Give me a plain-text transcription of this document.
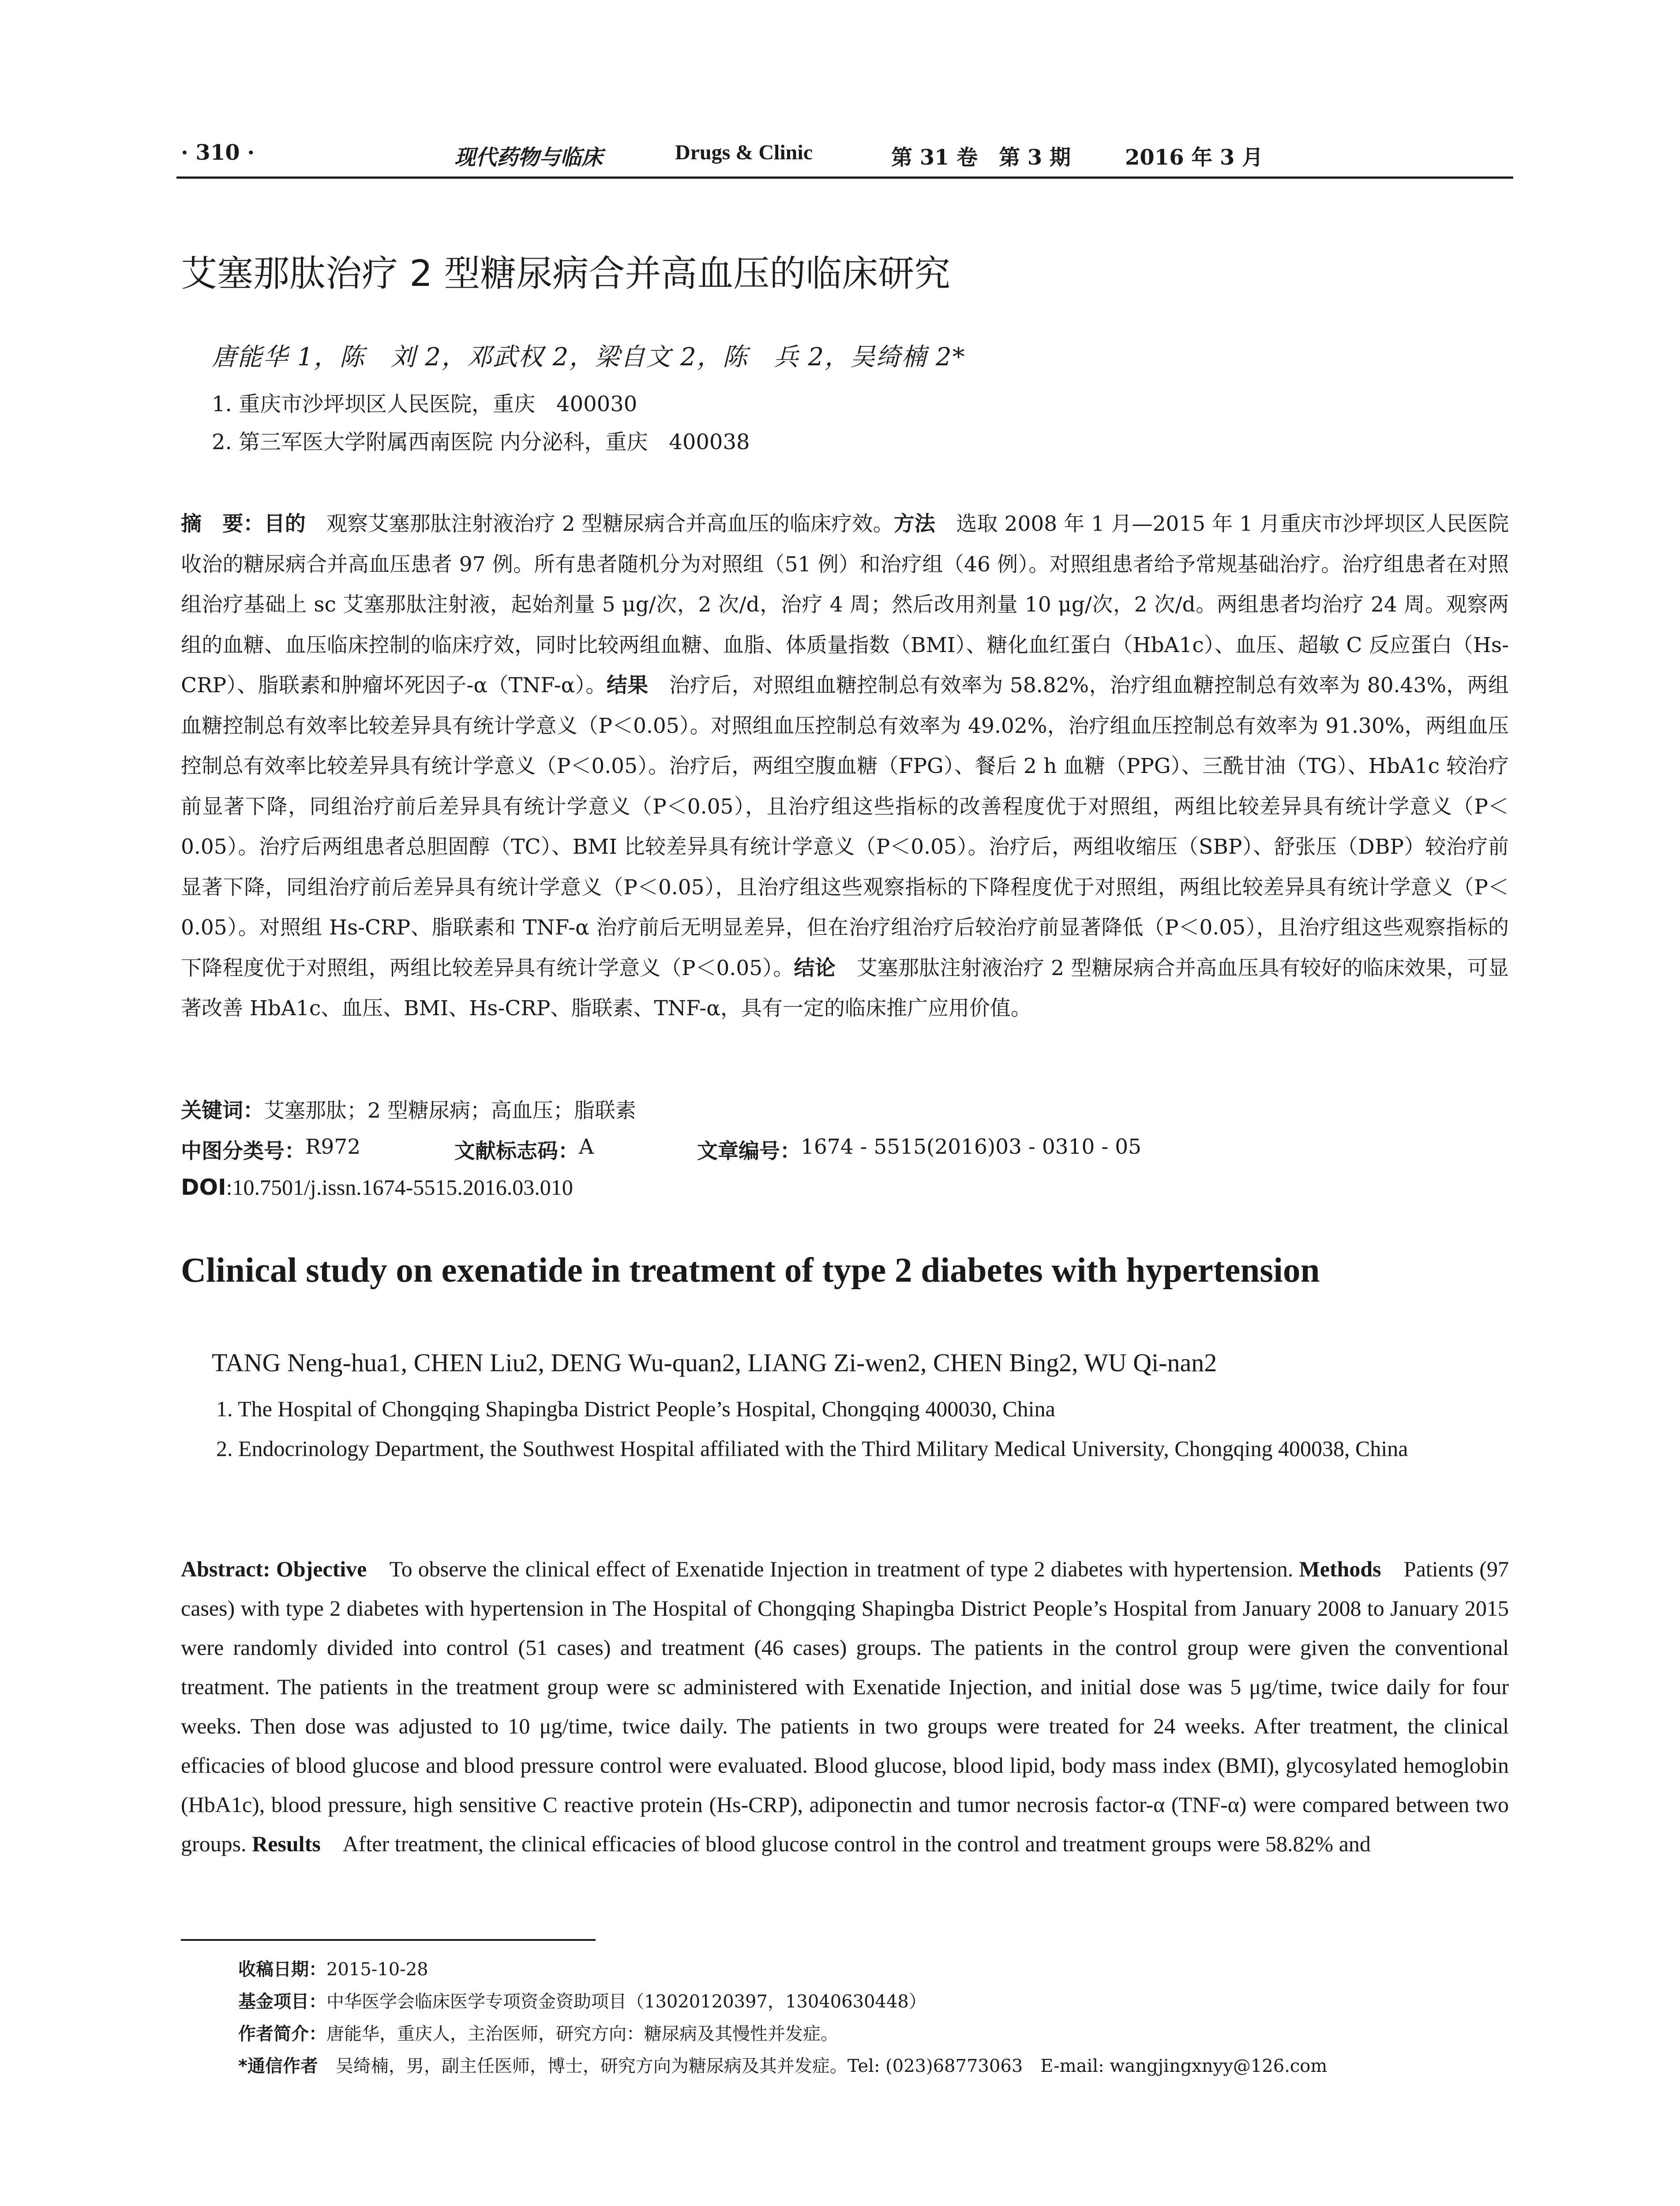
· 310 ·	现代药物与临床	Drugs & Clinic	第 31 卷　第 3 期	2016 年 3 月
艾塞那肽治疗 2 型糖尿病合并高血压的临床研究
唐能华 1，陈　刘 2，邓武权 2，梁自文 2，陈　兵 2，吴绮楠 2*
1. 重庆市沙坪坝区人民医院，重庆　400030
2. 第三军医大学附属西南医院 内分泌科，重庆　400038

摘　要：目的　观察艾塞那肽注射液治疗 2 型糖尿病合并高血压的临床疗效。方法　选取 2008 年 1 月—2015 年 1 月重庆市沙坪坝区人民医院收治的糖尿病合并高血压患者 97 例。所有患者随机分为对照组（51 例）和治疗组（46 例）。对照组患者给予常规基础治疗。治疗组患者在对照组治疗基础上 sc 艾塞那肽注射液，起始剂量 5 μg/次，2 次/d，治疗 4 周；然后改用剂量 10 μg/次，2 次/d。两组患者均治疗 24 周。观察两组的血糖、血压临床控制的临床疗效，同时比较两组血糖、血脂、体质量指数（BMI）、糖化血红蛋白（HbA1c）、血压、超敏 C 反应蛋白（Hs-CRP）、脂联素和肿瘤坏死因子-α（TNF-α）。结果　治疗后，对照组血糖控制总有效率为 58.82%，治疗组血糖控制总有效率为 80.43%，两组血糖控制总有效率比较差异具有统计学意义（P＜0.05）。对照组血压控制总有效率为 49.02%，治疗组血压控制总有效率为 91.30%，两组血压控制总有效率比较差异具有统计学意义（P＜0.05）。治疗后，两组空腹血糖（FPG）、餐后 2 h 血糖（PPG）、三酰甘油（TG）、HbA1c 较治疗前显著下降，同组治疗前后差异具有统计学意义（P＜0.05），且治疗组这些指标的改善程度优于对照组，两组比较差异具有统计学意义（P＜0.05）。治疗后两组患者总胆固醇（TC）、BMI 比较差异具有统计学意义（P＜0.05）。治疗后，两组收缩压（SBP）、舒张压（DBP）较治疗前显著下降，同组治疗前后差异具有统计学意义（P＜0.05），且治疗组这些观察指标的下降程度优于对照组，两组比较差异具有统计学意义（P＜0.05）。对照组 Hs-CRP、脂联素和 TNF-α 治疗前后无明显差异，但在治疗组治疗后较治疗前显著降低（P＜0.05），且治疗组这些观察指标的下降程度优于对照组，两组比较差异具有统计学意义（P＜0.05）。结论　艾塞那肽注射液治疗 2 型糖尿病合并高血压具有较好的临床效果，可显著改善 HbA1c、血压、BMI、Hs-CRP、脂联素、TNF-α，具有一定的临床推广应用价值。

关键词：艾塞那肽；2 型糖尿病；高血压；脂联素
中图分类号： R972	文献标志码： A	文章编号： 1674 - 5515(2016)03 - 0310 - 05
DOI:10.7501/j.issn.1674-5515.2016.03.010
Clinical study on exenatide in treatment of type 2 diabetes with hypertension
TANG Neng-hua1, CHEN Liu2, DENG Wu-quan2, LIANG Zi-wen2, CHEN Bing2, WU Qi-nan2
1. The Hospital of Chongqing Shapingba District People’s Hospital, Chongqing 400030, China
2. Endocrinology Department, the Southwest Hospital affiliated with the Third Military Medical University, Chongqing 400038, China

Abstract: Objective　To observe the clinical effect of Exenatide Injection in treatment of type 2 diabetes with hypertension. Methods　Patients (97 cases) with type 2 diabetes with hypertension in The Hospital of Chongqing Shapingba District People’s Hospital from January 2008 to January 2015 were randomly divided into control (51 cases) and treatment (46 cases) groups. The patients in the control group were given the conventional treatment. The patients in the treatment group were sc administered with Exenatide Injection, and initial dose was 5 μg/time, twice daily for four weeks. Then dose was adjusted to 10 μg/time, twice daily. The patients in two groups were treated for 24 weeks. After treatment, the clinical efficacies of blood glucose and blood pressure control were evaluated. Blood glucose, blood lipid, body mass index (BMI), glycosylated hemoglobin (HbA1c), blood pressure, high sensitive C reactive protein (Hs-CRP), adiponectin and tumor necrosis factor-α (TNF-α) were compared between two groups. Results　After treatment, the clinical efficacies of blood glucose control in the control and treatment groups were 58.82% and

收稿日期：2015-10-28
基金项目：中华医学会临床医学专项资金资助项目（13020120397，13040630448）
作者简介：唐能华，重庆人，主治医师，研究方向：糖尿病及其慢性并发症。
*通信作者　吴绮楠，男，副主任医师，博士，研究方向为糖尿病及其并发症。Tel: (023)68773063　E-mail: wangjingxnyy@126.com
